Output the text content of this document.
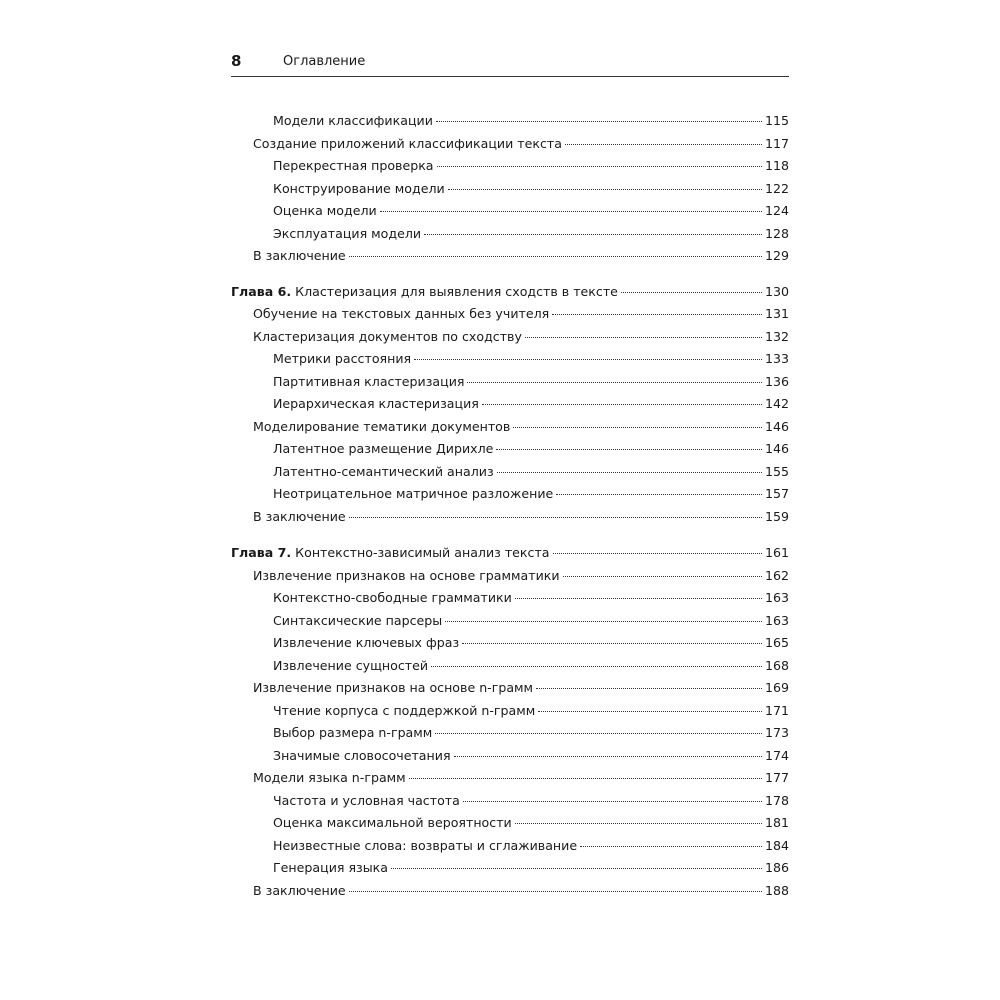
8	Оглавление
Модели классификации	115
Создание приложений классификации текста	117
Перекрестная проверка	118
Конструирование модели	122
Оценка модели	124
Эксплуатация модели	128
В заключение	129
Глава 6. Кластеризация для выявления сходств в тексте	130
Обучение на текстовых данных без учителя	131
Кластеризация документов по сходству	132
Метрики расстояния	133
Партитивная кластеризация	136
Иерархическая кластеризация	142
Моделирование тематики документов	146
Латентное размещение Дирихле	146
Латентно-семантический анализ	155
Неотрицательное матричное разложение	157
В заключение	159
Глава 7. Контекстно-зависимый анализ текста	161
Извлечение признаков на основе грамматики	162
Контекстно-свободные грамматики	163
Синтаксические парсеры	163
Извлечение ключевых фраз	165
Извлечение сущностей	168
Извлечение признаков на основе n-грамм	169
Чтение корпуса с поддержкой n-грамм	171
Выбор размера n-грамм	173
Значимые словосочетания	174
Модели языка n-грамм	177
Частота и условная частота	178
Оценка максимальной вероятности	181
Неизвестные слова: возвраты и сглаживание	184
Генерация языка	186
В заключение	188
